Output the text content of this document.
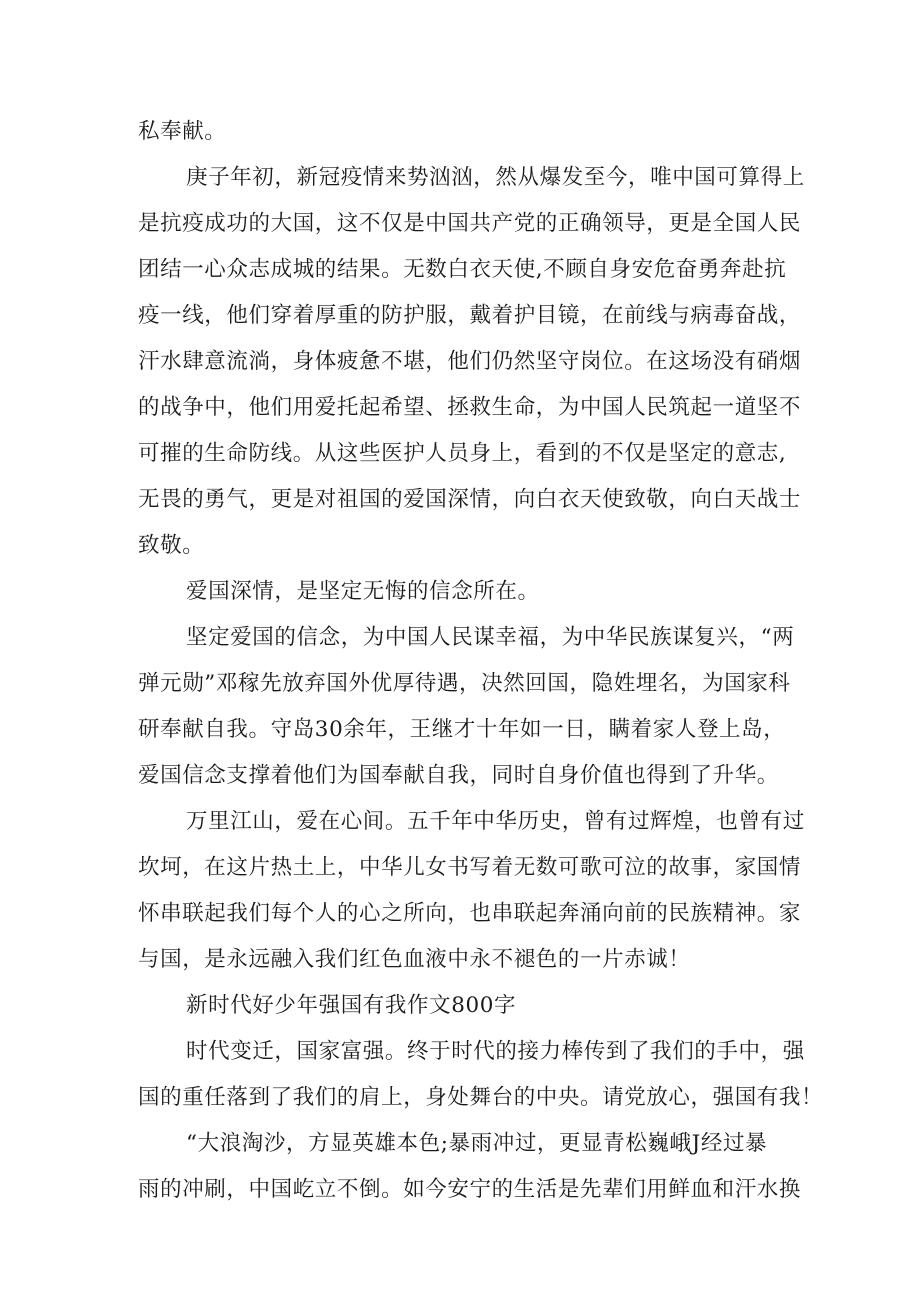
私奉献。
庚子年初，新冠疫情来势汹汹，然从爆发至今，唯中国可算得上
是抗疫成功的大国，这不仅是中国共产党的正确领导，更是全国人民
团结一心众志成城的结果。无数白衣天使,不顾自身安危奋勇奔赴抗
疫一线，他们穿着厚重的防护服，戴着护目镜，在前线与病毒奋战，
汗水肆意流淌，身体疲惫不堪，他们仍然坚守岗位。在这场没有硝烟
的战争中，他们用爱托起希望、拯救生命，为中国人民筑起一道坚不
可摧的生命防线。从这些医护人员身上，看到的不仅是坚定的意志,
无畏的勇气，更是对祖国的爱国深情，向白衣天使致敬，向白天战士
致敬。
爱国深情，是坚定无悔的信念所在。
坚定爱国的信念，为中国人民谋幸福，为中华民族谋复兴，“两
弹元勋”邓稼先放弃国外优厚待遇，决然回国，隐姓埋名，为国家科
研奉献自我。守岛30余年，王继才十年如一日，瞒着家人登上岛，
爱国信念支撑着他们为国奉献自我，同时自身价值也得到了升华。
万里江山，爱在心间。五千年中华历史，曾有过辉煌，也曾有过
坎坷，在这片热土上，中华儿女书写着无数可歌可泣的故事，家国情
怀串联起我们每个人的心之所向，也串联起奔涌向前的民族精神。家
与国，是永远融入我们红色血液中永不褪色的一片赤诚！
新时代好少年强国有我作文800字
时代变迁，国家富强。终于时代的接力棒传到了我们的手中，强
国的重任落到了我们的肩上，身处舞台的中央。请党放心，强国有我！
“大浪淘沙，方显英雄本色;暴雨冲过，更显青松巍峨J经过暴
雨的冲刷，中国屹立不倒。如今安宁的生活是先辈们用鲜血和汗水换
